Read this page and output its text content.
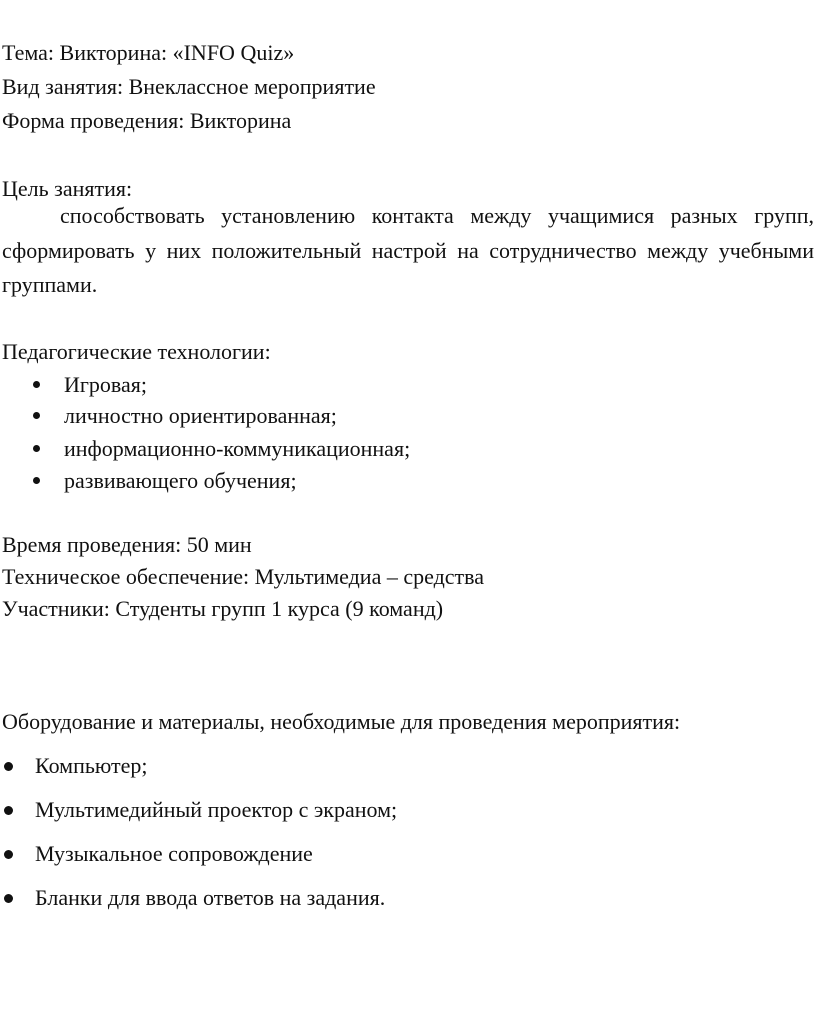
Тема: Викторина: «INFO Quiz»
Вид занятия: Внеклассное мероприятие
Форма проведения: Викторина
Цель занятия:
способствовать установлению контакта между учащимися разных групп, сформировать у них положительный настрой на сотрудничество между учебными группами.
Педагогические технологии:
Игровая;
личностно ориентированная;
информационно-коммуникационная;
развивающего обучения;
Время проведения: 50 мин
Техническое обеспечение: Мультимедиа – средства
Участники: Студенты групп 1 курса (9 команд)
Оборудование и материалы, необходимые для проведения мероприятия:
Компьютер;
Мультимедийный проектор с экраном;
Музыкальное сопровождение
Бланки для ввода ответов на задания.
